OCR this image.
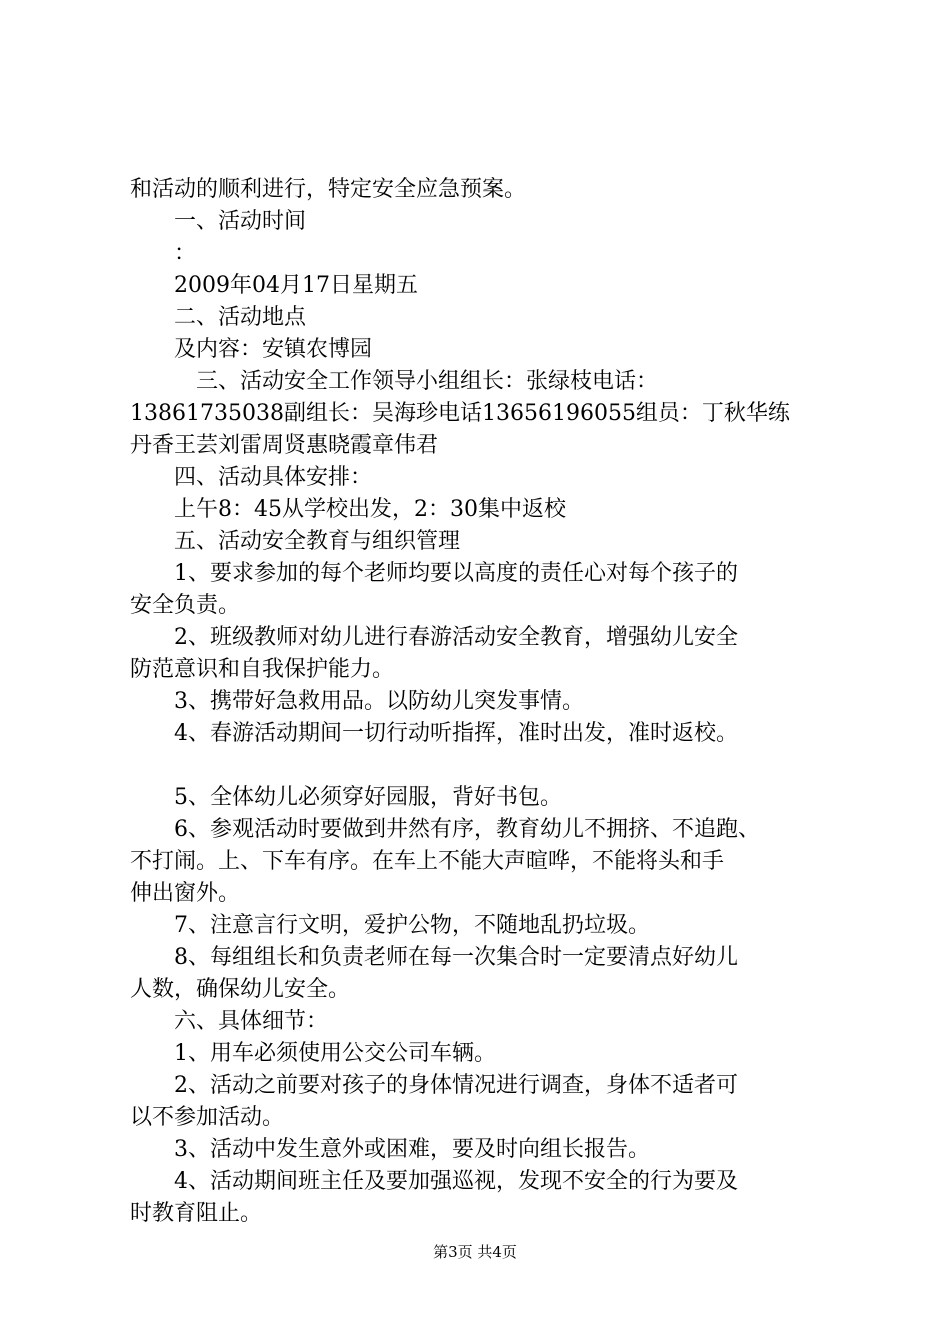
和活动的顺利进行，特定安全应急预案。
一、活动时间
：
2009年04月17日星期五
二、活动地点
及内容：安镇农博园
三、活动安全工作领导小组组长：张绿枝电话：
13861735038副组长：吴海珍电话13656196055组员：丁秋华练
丹香王芸刘雷周贤惠晓霞章伟君
四、活动具体安排：
上午8：45从学校出发，2：30集中返校
五、活动安全教育与组织管理
1、要求参加的每个老师均要以高度的责任心对每个孩子的
安全负责。
2、班级教师对幼儿进行春游活动安全教育，增强幼儿安全
防范意识和自我保护能力。
3、携带好急救用品。以防幼儿突发事情。
4、春游活动期间一切行动听指挥，准时出发，准时返校。
5、全体幼儿必须穿好园服，背好书包。
6、参观活动时要做到井然有序，教育幼儿不拥挤、不追跑、
不打闹。上、下车有序。在车上不能大声暄哗，不能将头和手
伸出窗外。
7、注意言行文明，爱护公物，不随地乱扔垃圾。
8、每组组长和负责老师在每一次集合时一定要清点好幼儿
人数，确保幼儿安全。
六、具体细节：
1、用车必须使用公交公司车辆。
2、活动之前要对孩子的身体情况进行调查，身体不适者可
以不参加活动。
3、活动中发生意外或困难，要及时向组长报告。
4、活动期间班主任及要加强巡视，发现不安全的行为要及
时教育阻止。
第3页 共4页
